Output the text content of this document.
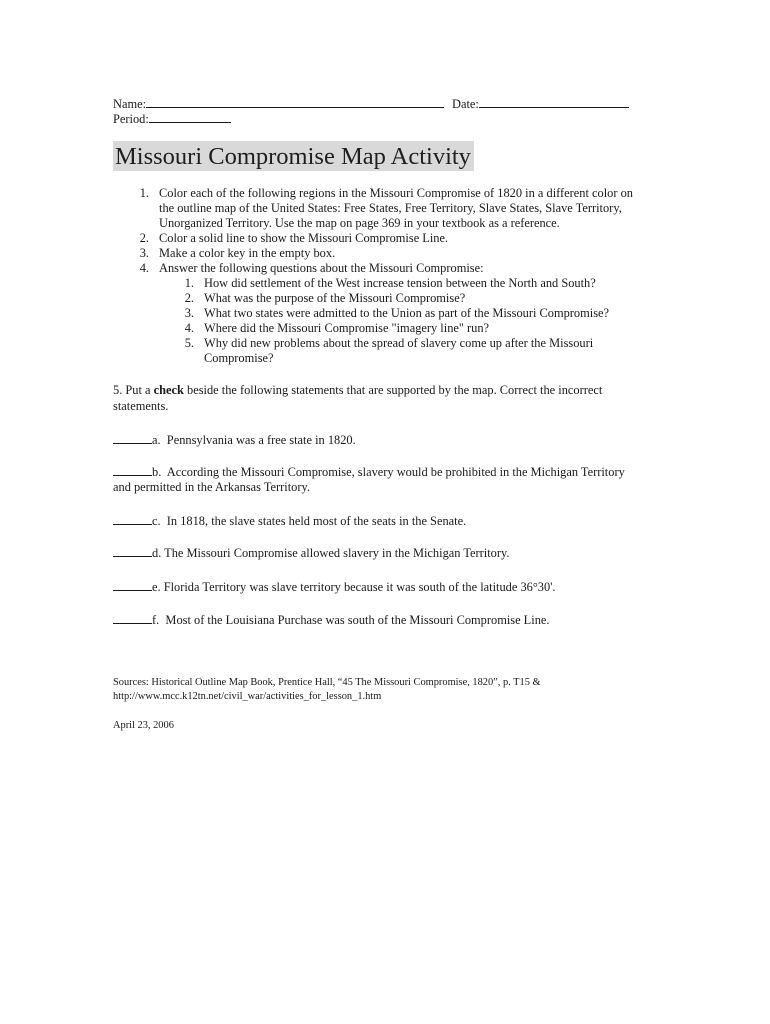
Name:	Date:
Period:
Missouri Compromise Map Activity
1. Color each of the following regions in the Missouri Compromise of 1820 in a different color on
the outline map of the United States: Free States, Free Territory, Slave States, Slave Territory,
Unorganized Territory. Use the map on page 369 in your textbook as a reference.
2. Color a solid line to show the Missouri Compromise Line.
3. Make a color key in the empty box.
4. Answer the following questions about the Missouri Compromise:
1. How did settlement of the West increase tension between the North and South?
2. What was the purpose of the Missouri Compromise?
3. What two states were admitted to the Union as part of the Missouri Compromise?
4. Where did the Missouri Compromise "imagery line" run?
5. Why did new problems about the spread of slavery come up after the Missouri
Compromise?
5. Put a check beside the following statements that are supported by the map. Correct the incorrect
statements.
a.  Pennsylvania was a free state in 1820.
b.  According the Missouri Compromise, slavery would be prohibited in the Michigan Territory
and permitted in the Arkansas Territory.
c.  In 1818, the slave states held most of the seats in the Senate.
d. The Missouri Compromise allowed slavery in the Michigan Territory.
e. Florida Territory was slave territory because it was south of the latitude 36°30'.
f.  Most of the Louisiana Purchase was south of the Missouri Compromise Line.
Sources: Historical Outline Map Book, Prentice Hall, “45 The Missouri Compromise, 1820”, p. T15 &
http://www.mcc.k12tn.net/civil_war/activities_for_lesson_1.htm
April 23, 2006
